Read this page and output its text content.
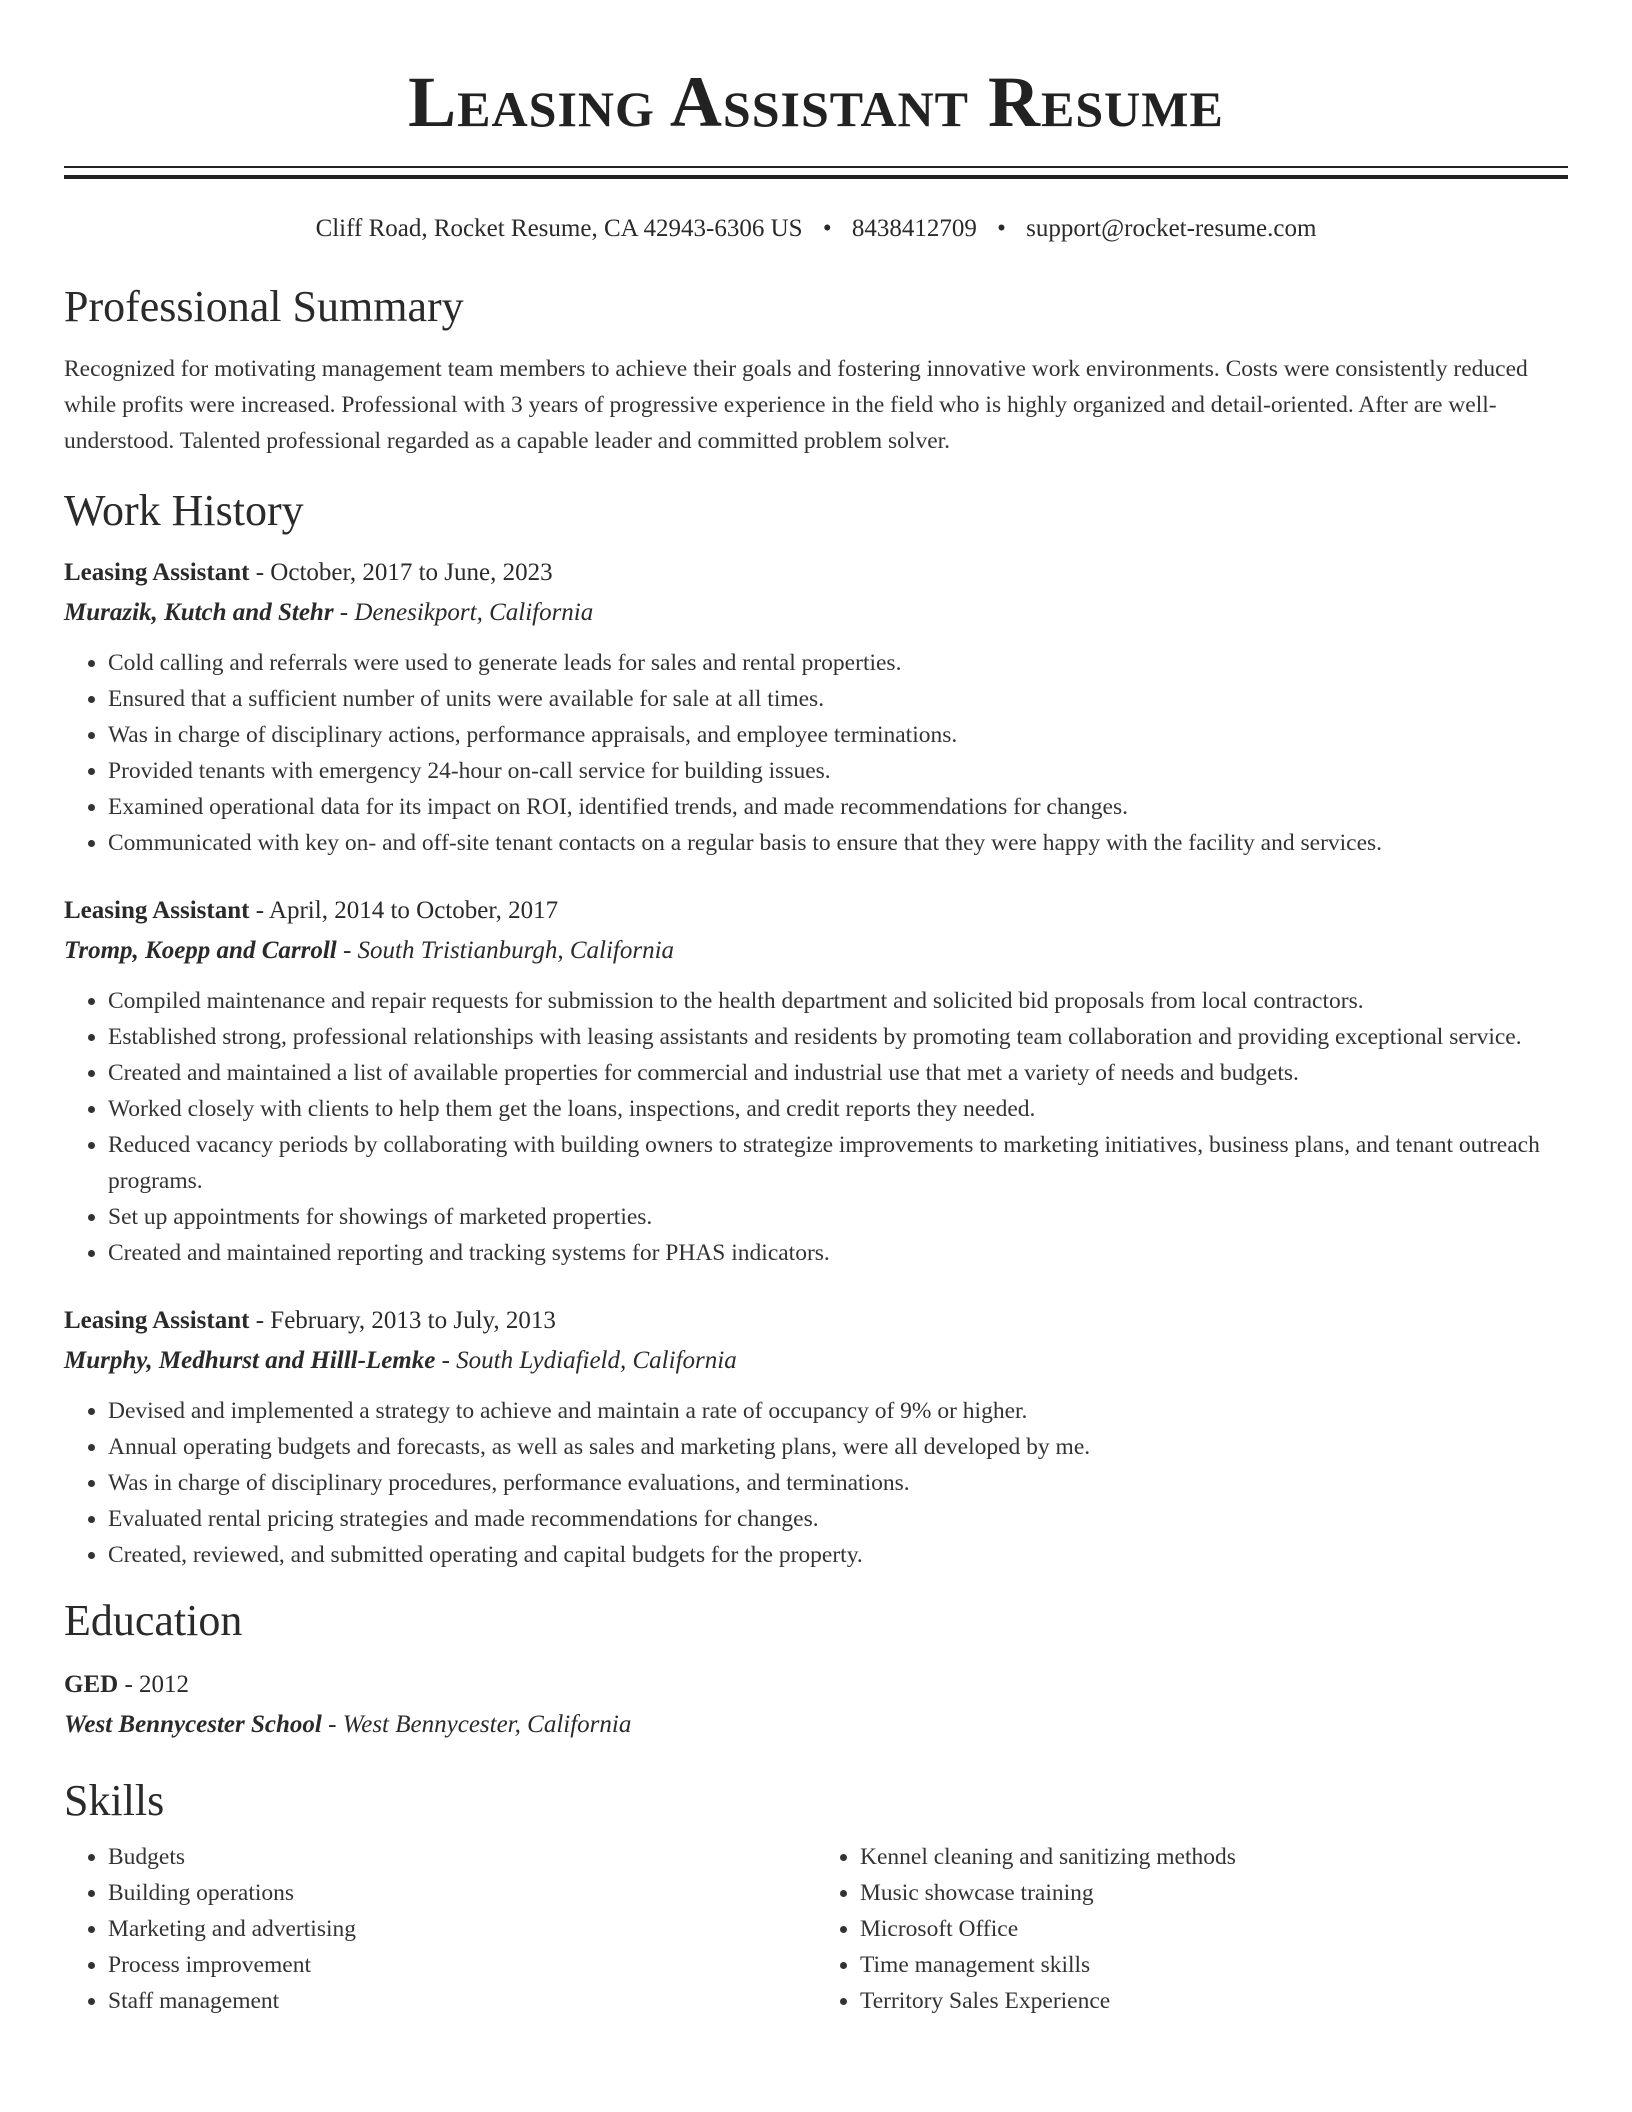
Leasing Assistant Resume
Cliff Road, Rocket Resume, CA 42943-6306 US • 8438412709 • support@rocket-resume.com
Professional Summary

Recognized for motivating management team members to achieve their goals and fostering innovative work environments. Costs were consistently reduced while profits were increased. Professional with 3 years of progressive experience in the field who is highly organized and detail-oriented. After are well-understood. Talented professional regarded as a capable leader and committed problem solver.

Work History
Leasing Assistant - October, 2017 to June, 2023
Murazik, Kutch and Stehr - Denesikport, California
• Cold calling and referrals were used to generate leads for sales and rental properties.
• Ensured that a sufficient number of units were available for sale at all times.
• Was in charge of disciplinary actions, performance appraisals, and employee terminations.
• Provided tenants with emergency 24-hour on-call service for building issues.
• Examined operational data for its impact on ROI, identified trends, and made recommendations for changes.
• Communicated with key on- and off-site tenant contacts on a regular basis to ensure that they were happy with the facility and services.
Leasing Assistant - April, 2014 to October, 2017
Tromp, Koepp and Carroll - South Tristianburgh, California
• Compiled maintenance and repair requests for submission to the health department and solicited bid proposals from local contractors.
• Established strong, professional relationships with leasing assistants and residents by promoting team collaboration and providing exceptional service.
• Created and maintained a list of available properties for commercial and industrial use that met a variety of needs and budgets.
• Worked closely with clients to help them get the loans, inspections, and credit reports they needed.
• Reduced vacancy periods by collaborating with building owners to strategize improvements to marketing initiatives, business plans, and tenant outreach programs.
• Set up appointments for showings of marketed properties.
• Created and maintained reporting and tracking systems for PHAS indicators.
Leasing Assistant - February, 2013 to July, 2013
Murphy, Medhurst and Hilll-Lemke - South Lydiafield, California
• Devised and implemented a strategy to achieve and maintain a rate of occupancy of 9% or higher.
• Annual operating budgets and forecasts, as well as sales and marketing plans, were all developed by me.
• Was in charge of disciplinary procedures, performance evaluations, and terminations.
• Evaluated rental pricing strategies and made recommendations for changes.
• Created, reviewed, and submitted operating and capital budgets for the property.
Education
GED - 2012
West Bennycester School - West Bennycester, California
Skills
• Budgets
• Building operations
• Marketing and advertising
• Process improvement
• Staff management
• Kennel cleaning and sanitizing methods
• Music showcase training
• Microsoft Office
• Time management skills
• Territory Sales Experience
